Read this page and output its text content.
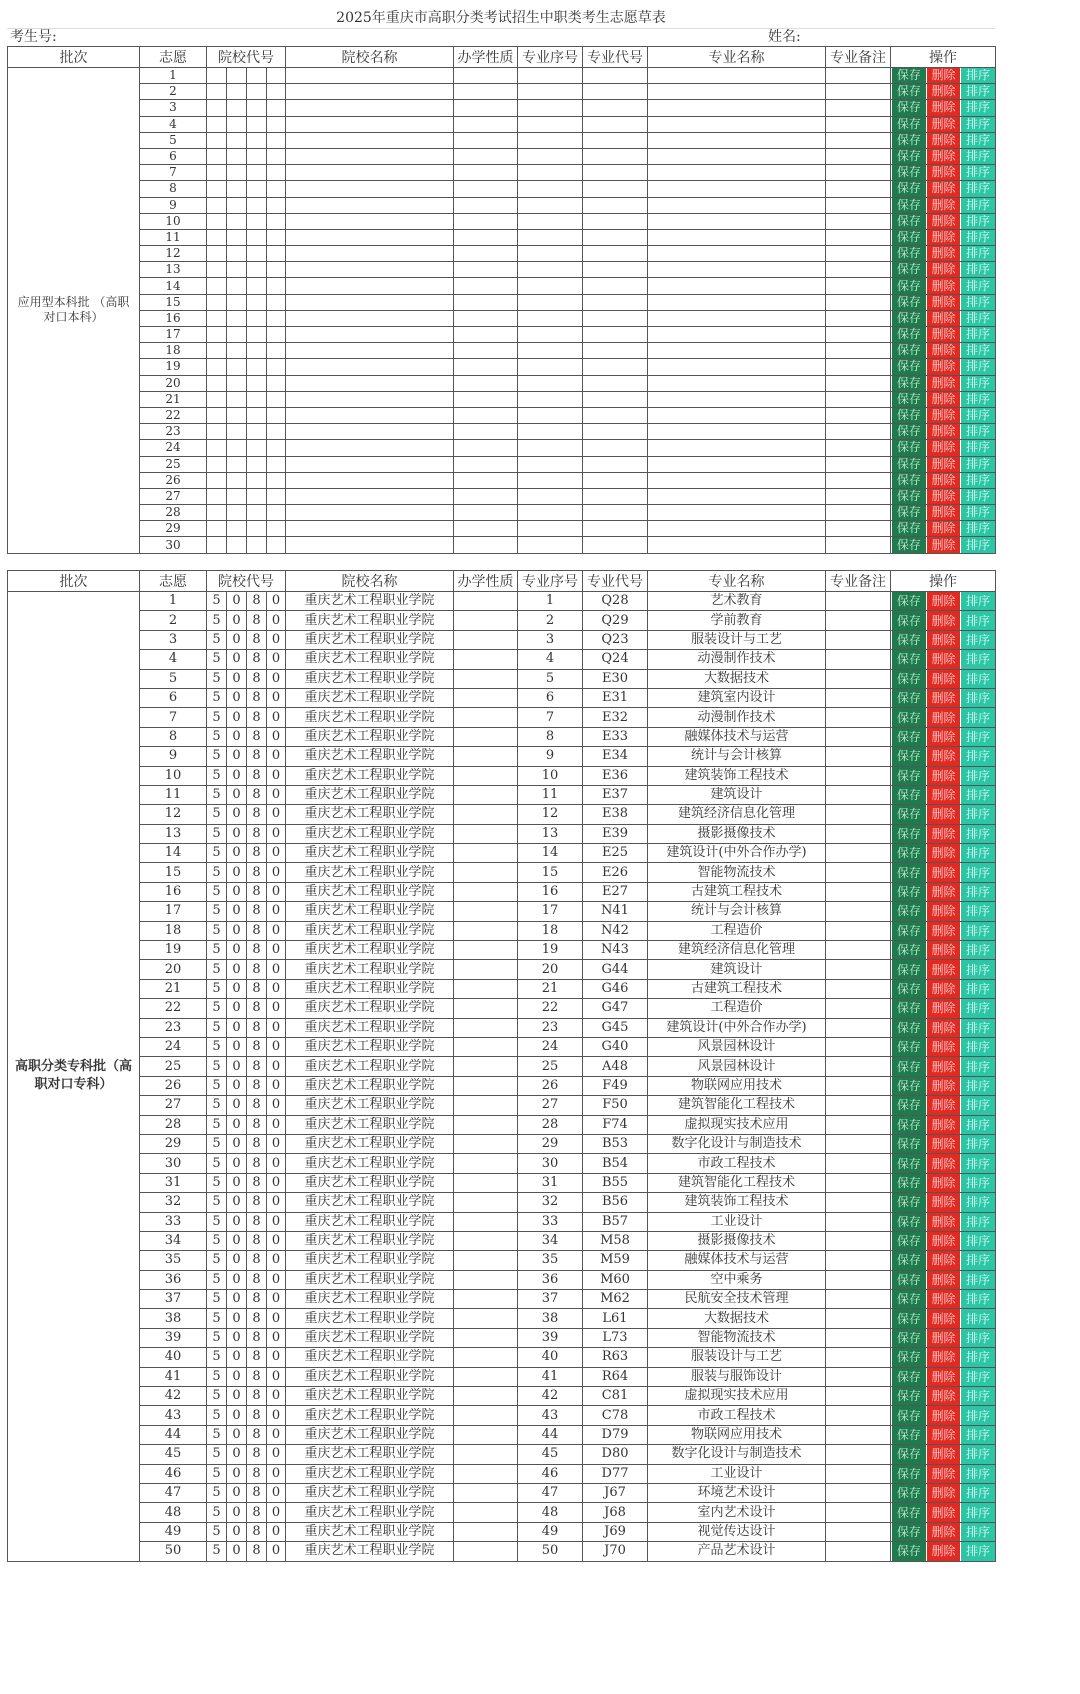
2025年重庆市高职分类考试招生中职类考生志愿草表
考生号:	姓名:
批次	志愿	院校代号				院校名称	办学性质	专业序号	专业代号	专业名称	专业备注	操作
应用型本科批 （高职对口本科）	1											保存 删除 排序

	2											保存 删除 排序

	3											保存 删除 排序

	4											保存 删除 排序

	5											保存 删除 排序

	6											保存 删除 排序

	7											保存 删除 排序

	8											保存 删除 排序

	9											保存 删除 排序

	10											保存 删除 排序

	11											保存 删除 排序

	12											保存 删除 排序

	13											保存 删除 排序

	14											保存 删除 排序

	15											保存 删除 排序

	16											保存 删除 排序

	17											保存 删除 排序

	18											保存 删除 排序

	19											保存 删除 排序

	20											保存 删除 排序

	21											保存 删除 排序

	22											保存 删除 排序

	23											保存 删除 排序

	24											保存 删除 排序

	25											保存 删除 排序

	26											保存 删除 排序

	27											保存 删除 排序

	28											保存 删除 排序

	29											保存 删除 排序

	30											保存 删除 排序
批次	志愿	院校代号				院校名称	办学性质	专业序号	专业代号	专业名称	专业备注	操作
高职分类专科批（高职对口专科）	1	5	0	8	0	重庆艺术工程职业学院		1	Q28	艺术教育		保存 删除 排序

	2	5	0	8	0	重庆艺术工程职业学院		2	Q29	学前教育		保存 删除 排序

	3	5	0	8	0	重庆艺术工程职业学院		3	Q23	服装设计与工艺		保存 删除 排序

	4	5	0	8	0	重庆艺术工程职业学院		4	Q24	动漫制作技术		保存 删除 排序

	5	5	0	8	0	重庆艺术工程职业学院		5	E30	大数据技术		保存 删除 排序

	6	5	0	8	0	重庆艺术工程职业学院		6	E31	建筑室内设计		保存 删除 排序

	7	5	0	8	0	重庆艺术工程职业学院		7	E32	动漫制作技术		保存 删除 排序

	8	5	0	8	0	重庆艺术工程职业学院		8	E33	融媒体技术与运营		保存 删除 排序

	9	5	0	8	0	重庆艺术工程职业学院		9	E34	统计与会计核算		保存 删除 排序

	10	5	0	8	0	重庆艺术工程职业学院		10	E36	建筑装饰工程技术		保存 删除 排序

	11	5	0	8	0	重庆艺术工程职业学院		11	E37	建筑设计		保存 删除 排序

	12	5	0	8	0	重庆艺术工程职业学院		12	E38	建筑经济信息化管理		保存 删除 排序

	13	5	0	8	0	重庆艺术工程职业学院		13	E39	摄影摄像技术		保存 删除 排序

	14	5	0	8	0	重庆艺术工程职业学院		14	E25	建筑设计(中外合作办学)		保存 删除 排序

	15	5	0	8	0	重庆艺术工程职业学院		15	E26	智能物流技术		保存 删除 排序

	16	5	0	8	0	重庆艺术工程职业学院		16	E27	古建筑工程技术		保存 删除 排序

	17	5	0	8	0	重庆艺术工程职业学院		17	N41	统计与会计核算		保存 删除 排序

	18	5	0	8	0	重庆艺术工程职业学院		18	N42	工程造价		保存 删除 排序

	19	5	0	8	0	重庆艺术工程职业学院		19	N43	建筑经济信息化管理		保存 删除 排序

	20	5	0	8	0	重庆艺术工程职业学院		20	G44	建筑设计		保存 删除 排序

	21	5	0	8	0	重庆艺术工程职业学院		21	G46	古建筑工程技术		保存 删除 排序

	22	5	0	8	0	重庆艺术工程职业学院		22	G47	工程造价		保存 删除 排序

	23	5	0	8	0	重庆艺术工程职业学院		23	G45	建筑设计(中外合作办学)		保存 删除 排序

	24	5	0	8	0	重庆艺术工程职业学院		24	G40	风景园林设计		保存 删除 排序

	25	5	0	8	0	重庆艺术工程职业学院		25	A48	风景园林设计		保存 删除 排序

	26	5	0	8	0	重庆艺术工程职业学院		26	F49	物联网应用技术		保存 删除 排序

	27	5	0	8	0	重庆艺术工程职业学院		27	F50	建筑智能化工程技术		保存 删除 排序

	28	5	0	8	0	重庆艺术工程职业学院		28	F74	虚拟现实技术应用		保存 删除 排序

	29	5	0	8	0	重庆艺术工程职业学院		29	B53	数字化设计与制造技术		保存 删除 排序

	30	5	0	8	0	重庆艺术工程职业学院		30	B54	市政工程技术		保存 删除 排序

	31	5	0	8	0	重庆艺术工程职业学院		31	B55	建筑智能化工程技术		保存 删除 排序

	32	5	0	8	0	重庆艺术工程职业学院		32	B56	建筑装饰工程技术		保存 删除 排序

	33	5	0	8	0	重庆艺术工程职业学院		33	B57	工业设计		保存 删除 排序

	34	5	0	8	0	重庆艺术工程职业学院		34	M58	摄影摄像技术		保存 删除 排序

	35	5	0	8	0	重庆艺术工程职业学院		35	M59	融媒体技术与运营		保存 删除 排序

	36	5	0	8	0	重庆艺术工程职业学院		36	M60	空中乘务		保存 删除 排序

	37	5	0	8	0	重庆艺术工程职业学院		37	M62	民航安全技术管理		保存 删除 排序

	38	5	0	8	0	重庆艺术工程职业学院		38	L61	大数据技术		保存 删除 排序

	39	5	0	8	0	重庆艺术工程职业学院		39	L73	智能物流技术		保存 删除 排序

	40	5	0	8	0	重庆艺术工程职业学院		40	R63	服装设计与工艺		保存 删除 排序

	41	5	0	8	0	重庆艺术工程职业学院		41	R64	服装与服饰设计		保存 删除 排序

	42	5	0	8	0	重庆艺术工程职业学院		42	C81	虚拟现实技术应用		保存 删除 排序

	43	5	0	8	0	重庆艺术工程职业学院		43	C78	市政工程技术		保存 删除 排序

	44	5	0	8	0	重庆艺术工程职业学院		44	D79	物联网应用技术		保存 删除 排序

	45	5	0	8	0	重庆艺术工程职业学院		45	D80	数字化设计与制造技术		保存 删除 排序

	46	5	0	8	0	重庆艺术工程职业学院		46	D77	工业设计		保存 删除 排序

	47	5	0	8	0	重庆艺术工程职业学院		47	J67	环境艺术设计		保存 删除 排序

	48	5	0	8	0	重庆艺术工程职业学院		48	J68	室内艺术设计		保存 删除 排序

	49	5	0	8	0	重庆艺术工程职业学院		49	J69	视觉传达设计		保存 删除 排序

	50	5	0	8	0	重庆艺术工程职业学院		50	J70	产品艺术设计		保存 删除 排序
